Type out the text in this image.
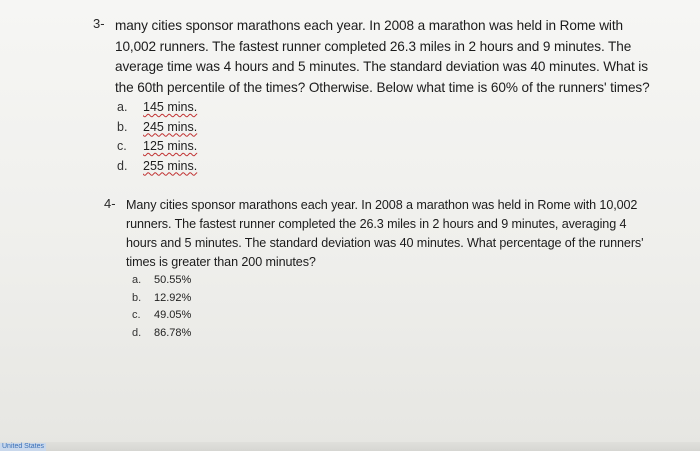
3- many cities sponsor marathons each year. In 2008 a marathon was held in Rome with 10,002 runners. The fastest runner completed 26.3 miles in 2 hours and 9 minutes. The average time was 4 hours and 5 minutes. The standard deviation was 40 minutes. What is the 60th percentile of the times? Otherwise. Below what time is 60% of the runners' times?

a.	145 mins.
b.	245 mins.
c.	125 mins.
d.	255 mins.
4- Many cities sponsor marathons each year. In 2008 a marathon was held in Rome with 10,002 runners. The fastest runner completed the 26.3 miles in 2 hours and 9 minutes, averaging 4 hours and 5 minutes. The standard deviation was 40 minutes. What percentage of the runners' times is greater than 200 minutes?

a.	50.55%
b.	12.92%
c.	49.05%
d.	86.78%
United States
